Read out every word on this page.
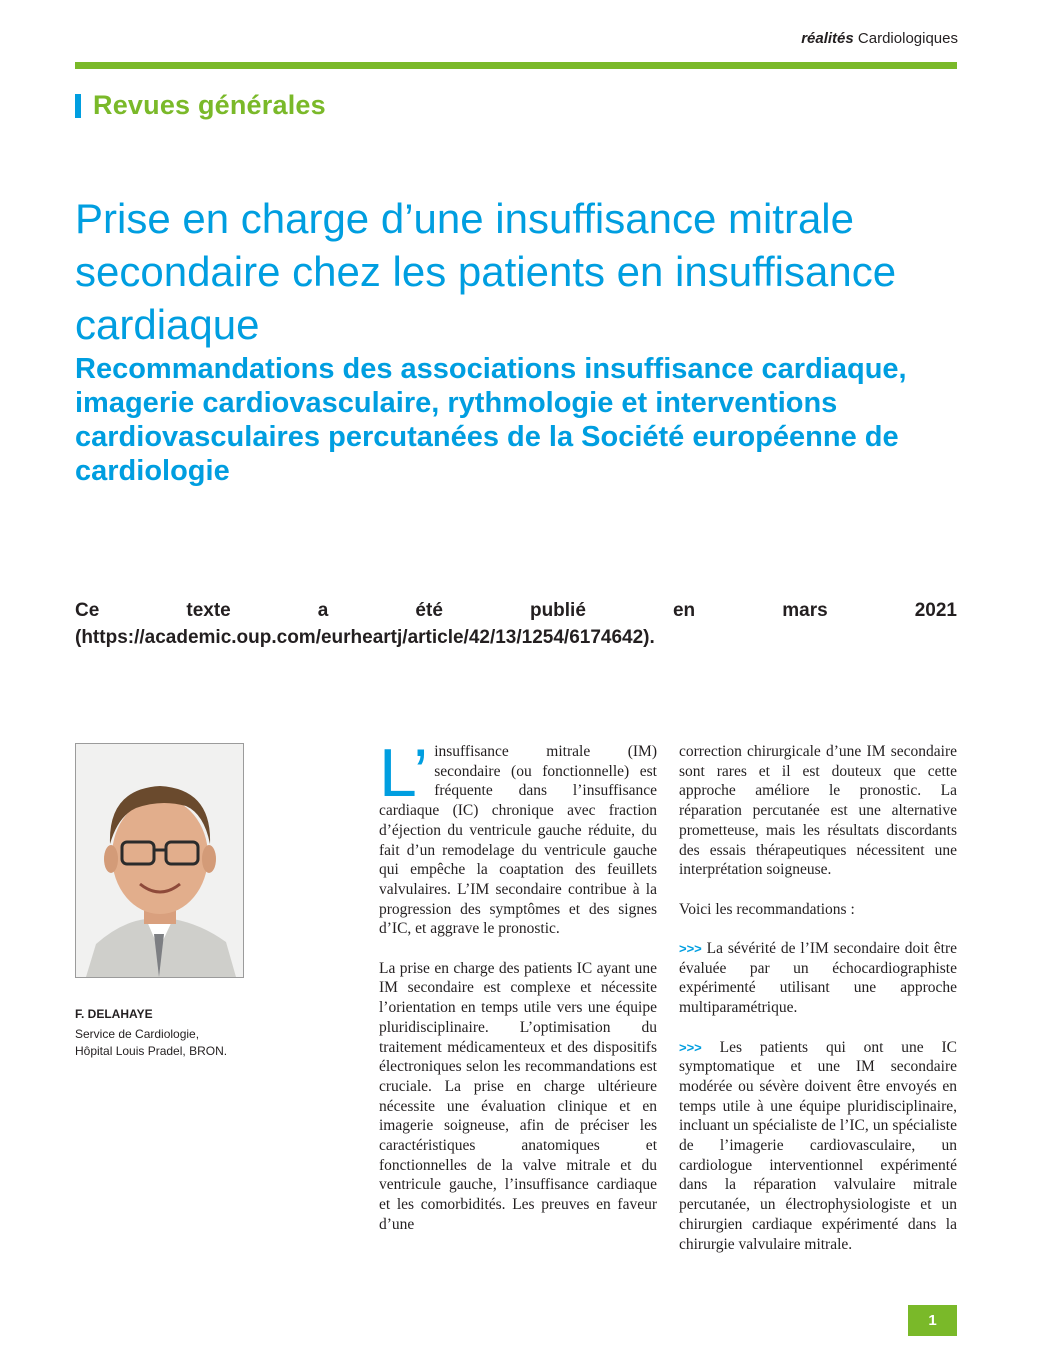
réalités Cardiologiques
Revues générales
Prise en charge d’une insuffisance mitrale secondaire chez les patients en insuffisance cardiaque
Recommandations des associations insuffisance cardiaque, imagerie cardiovasculaire, rythmologie et interventions cardiovasculaires percutanées de la Société européenne de cardiologie
Ce texte a été publié en mars 2021 (https://academic.oup.com/eurheartj/article/42/13/1254/6174642).
F. DELAHAYE
Service de Cardiologie,
Hôpital Louis Pradel, BRON.

L’ insuffisance mitrale (IM) secondaire (ou fonctionnelle) est fréquente dans l’insuffisance cardiaque (IC) chronique avec fraction d’éjection du ventricule gauche réduite, du fait d’un remodelage du ventricule gauche qui empêche la coaptation des feuillets valvulaires. L’IM secondaire contribue à la progression des symptômes et des signes d’IC, et aggrave le pronostic.

La prise en charge des patients IC ayant une IM secondaire est complexe et nécessite l’orientation en temps utile vers une équipe pluridisciplinaire. L’optimisation du traitement médicamenteux et des dispositifs électroniques selon les recommandations est cruciale. La prise en charge ultérieure nécessite une évaluation clinique et en imagerie soigneuse, afin de préciser les caractéristiques anatomiques et fonctionnelles de la valve mitrale et du ventricule gauche, l’insuffisance cardiaque et les comorbidités. Les preuves en faveur d’une

correction chirurgicale d’une IM secondaire sont rares et il est douteux que cette approche améliore le pronostic. La réparation percutanée est une alternative prometteuse, mais les résultats discordants des essais thérapeutiques nécessitent une interprétation soigneuse.

Voici les recommandations :

>>> La sévérité de l’IM secondaire doit être évaluée par un échocardiographiste expérimenté utilisant une approche multiparamétrique.

>>> Les patients qui ont une IC symptomatique et une IM secondaire modérée ou sévère doivent être envoyés en temps utile à une équipe pluridisciplinaire, incluant un spécialiste de l’IC, un spécialiste de l’imagerie cardiovasculaire, un cardiologue interventionnel expérimenté dans la réparation valvulaire mitrale percutanée, un électrophysiologiste et un chirurgien cardiaque expérimenté dans la chirurgie valvulaire mitrale.

1
